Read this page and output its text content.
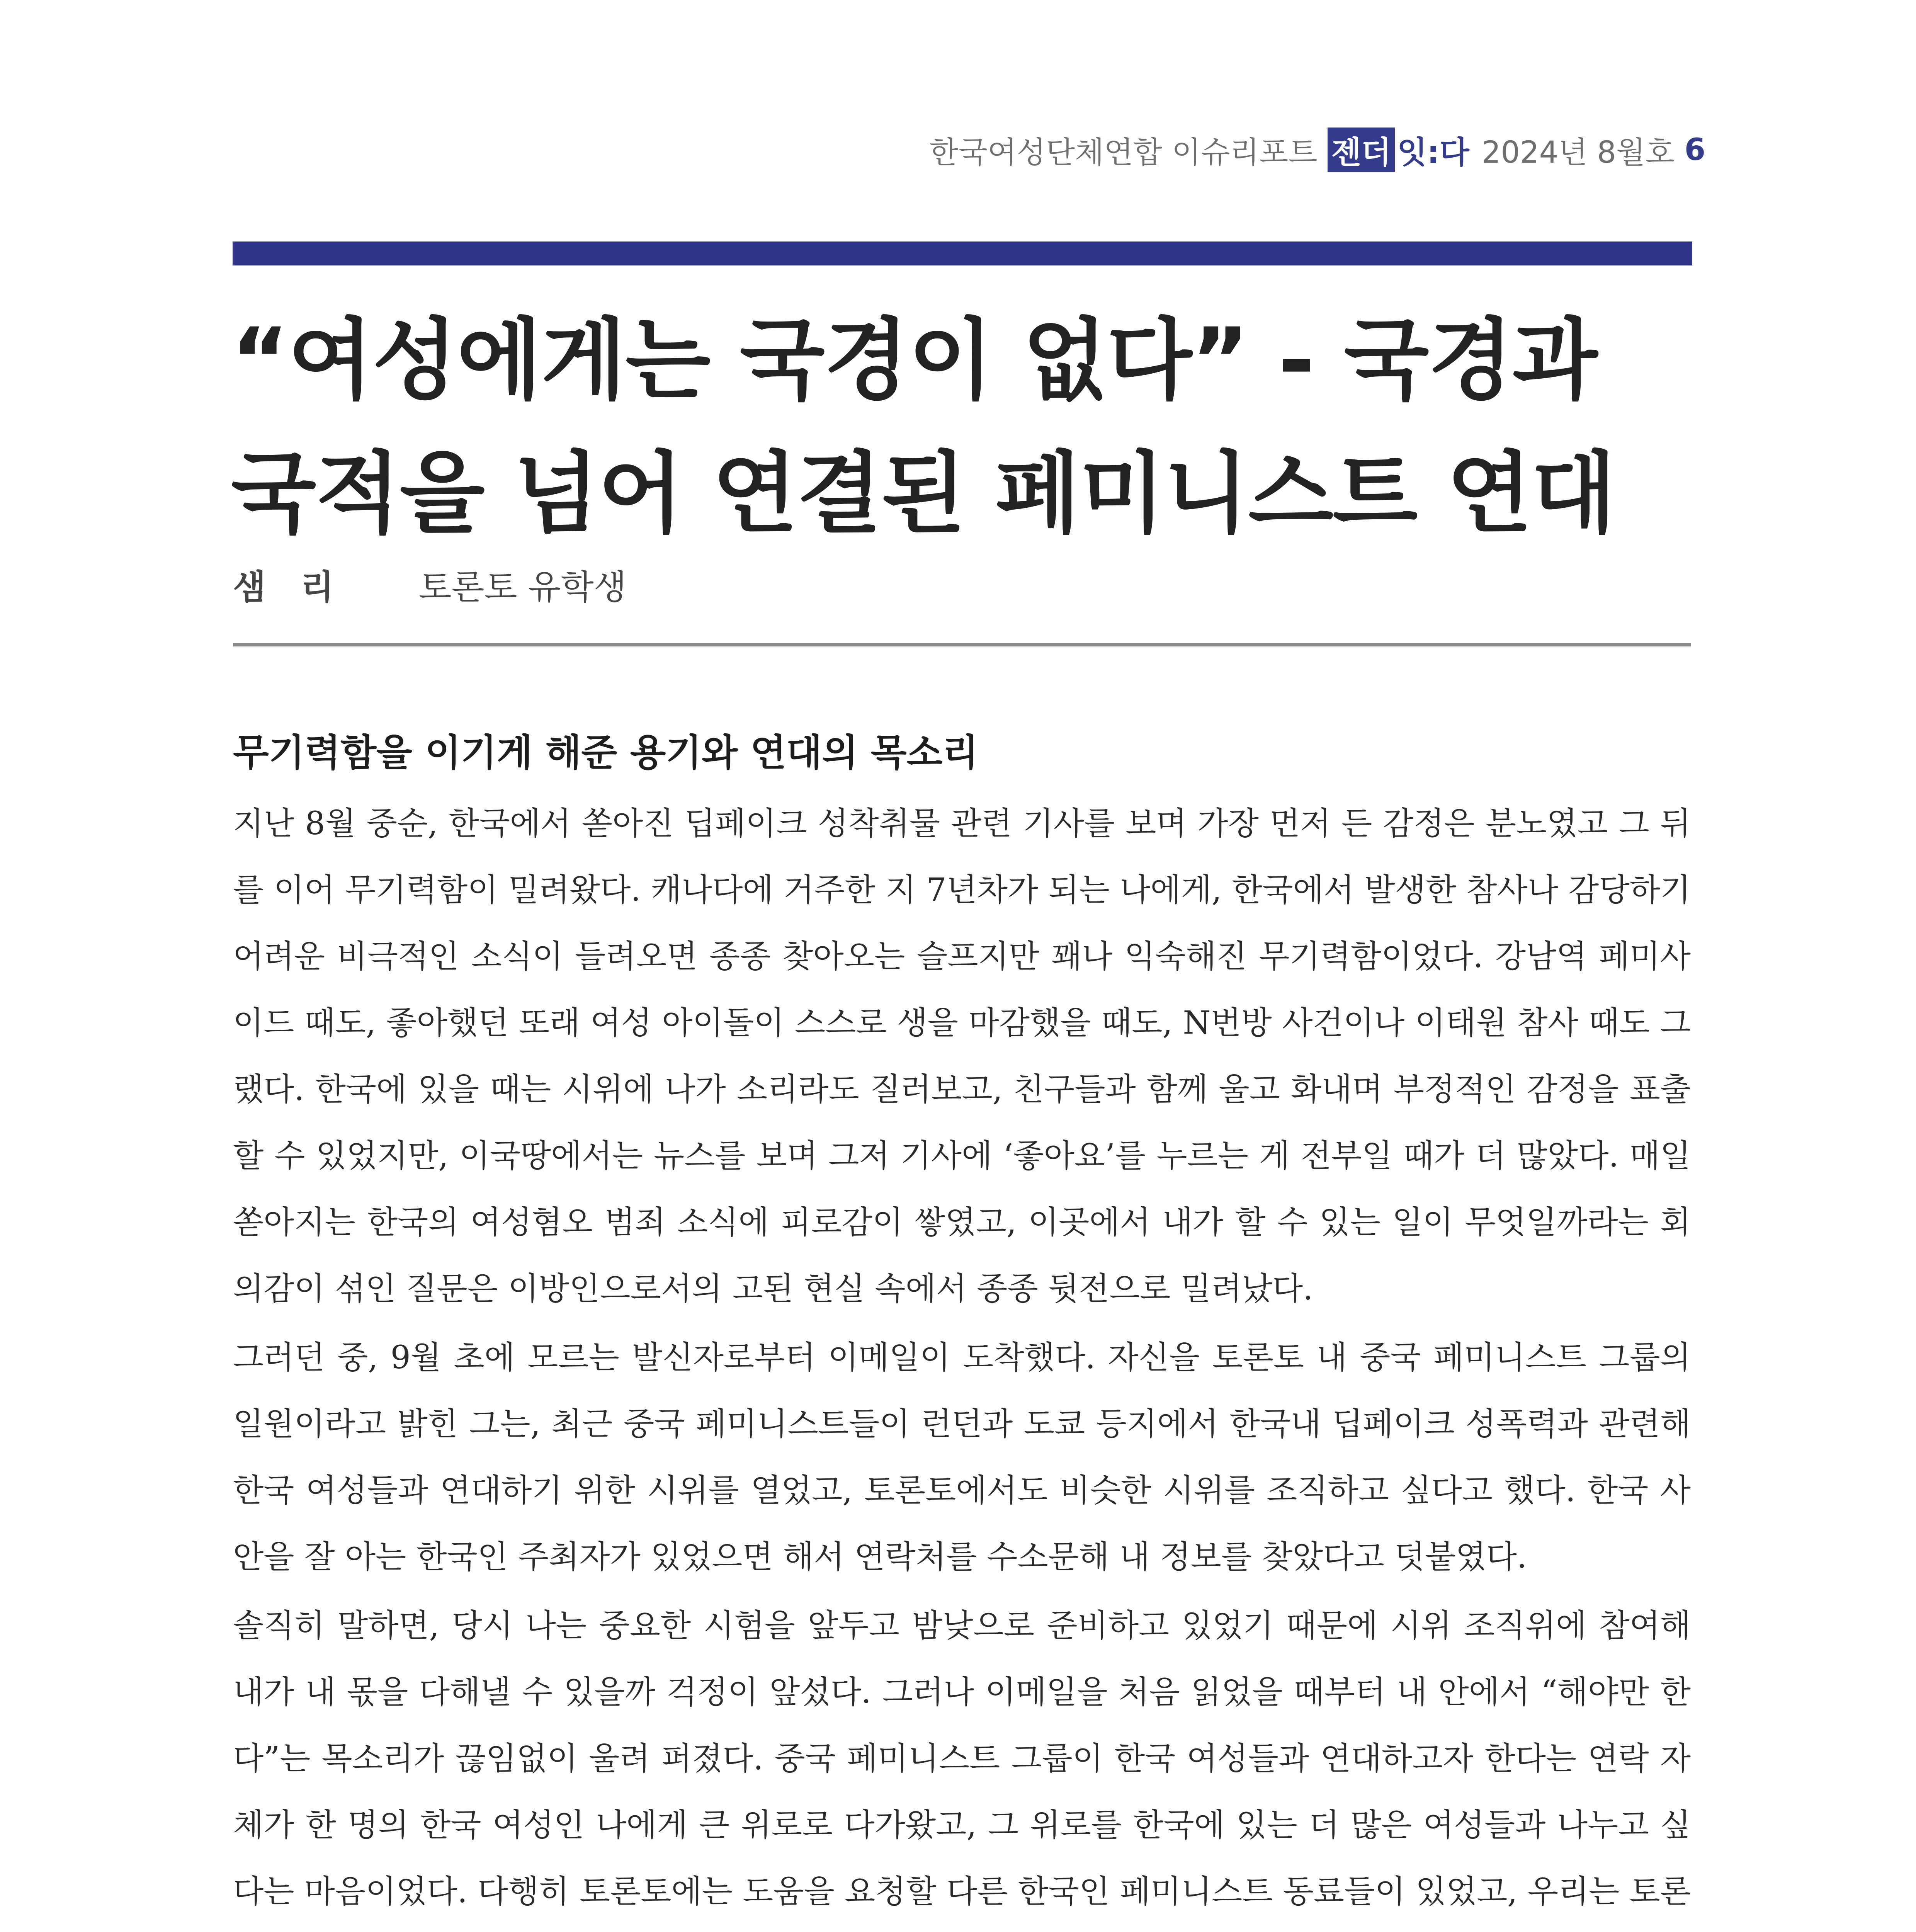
한국여성단체연합 이슈리포트 젠더 잇:다 2024년 8월호 6
“여성에게는 국경이 없다” - 국경과 국적을 넘어 연결된 페미니스트 연대
샘 리 토론토 유학생
무기력함을 이기게 해준 용기와 연대의 목소리

지난 8월 중순, 한국에서 쏟아진 딥페이크 성착취물 관련 기사를 보며 가장 먼저 든 감정은 분노였고 그 뒤를 이어 무기력함이 밀려왔다. 캐나다에 거주한 지 7년차가 되는 나에게, 한국에서 발생한 참사나 감당하기 어려운 비극적인 소식이 들려오면 종종 찾아오는 슬프지만 꽤나 익숙해진 무기력함이었다. 강남역 페미사이드 때도, 좋아했던 또래 여성 아이돌이 스스로 생을 마감했을 때도, N번방 사건이나 이태원 참사 때도 그랬다. 한국에 있을 때는 시위에 나가 소리라도 질러보고, 친구들과 함께 울고 화내며 부정적인 감정을 표출할 수 있었지만, 이국땅에서는 뉴스를 보며 그저 기사에 ‘좋아요’를 누르는 게 전부일 때가 더 많았다. 매일 쏟아지는 한국의 여성혐오 범죄 소식에 피로감이 쌓였고, 이곳에서 내가 할 수 있는 일이 무엇일까라는 회의감이 섞인 질문은 이방인으로서의 고된 현실 속에서 종종 뒷전으로 밀려났다.

그러던 중, 9월 초에 모르는 발신자로부터 이메일이 도착했다. 자신을 토론토 내 중국 페미니스트 그룹의 일원이라고 밝힌 그는, 최근 중국 페미니스트들이 런던과 도쿄 등지에서 한국내 딥페이크 성폭력과 관련해 한국 여성들과 연대하기 위한 시위를 열었고, 토론토에서도 비슷한 시위를 조직하고 싶다고 했다. 한국 사안을 잘 아는 한국인 주최자가 있었으면 해서 연락처를 수소문해 내 정보를 찾았다고 덧붙였다.

솔직히 말하면, 당시 나는 중요한 시험을 앞두고 밤낮으로 준비하고 있었기 때문에 시위 조직위에 참여해 내가 내 몫을 다해낼 수 있을까 걱정이 앞섰다. 그러나 이메일을 처음 읽었을 때부터 내 안에서 “해야만 한다”는 목소리가 끊임없이 울려 퍼졌다. 중국 페미니스트 그룹이 한국 여성들과 연대하고자 한다는 연락 자체가 한 명의 한국 여성인 나에게 큰 위로로 다가왔고, 그 위로를 한국에 있는 더 많은 여성들과 나누고 싶다는 마음이었다. 다행히 토론토에는 도움을 요청할 다른 한국인 페미니스트 동료들이 있었고, 우리는 토론
